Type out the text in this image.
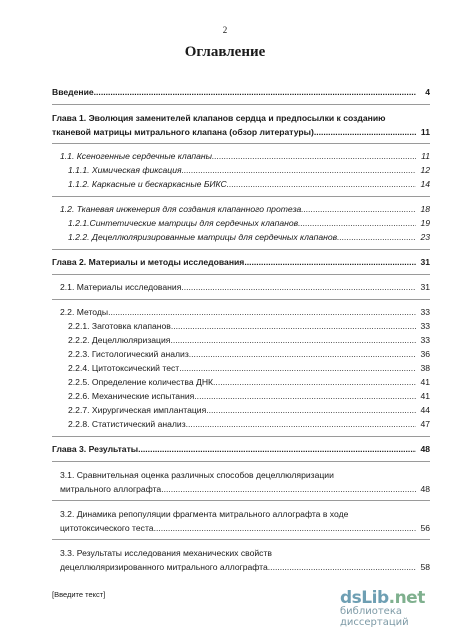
2
Оглавление
Введение .....	4
Глава 1. Эволюция заменителей клапанов сердца и предпосылки к созданию
тканевой матрицы митрального клапана (обзор литературы) .....	11
1.1. Ксеногенные сердечные клапаны .....	11
1.1.1. Химическая фиксация .....	12
1.1.2. Каркасные и бескаркасные БИКС .....	14
1.2. Тканевая инженерия для создания клапанного протеза .....	18
1.2.1.Синтетические матрицы для сердечных клапанов .....	19
1.2.2. Децеллюляризированные матрицы для сердечных клапанов .....	23
Глава 2. Материалы и методы исследования .....	31
2.1. Материалы исследования .....	31
2.2. Методы .....	33
2.2.1. Заготовка клапанов .....	33
2.2.2. Децеллюляризация .....	33
2.2.3. Гистологический анализ .....	36
2.2.4. Цитотоксический тест .....	38
2.2.5. Определение количества ДНК .....	41
2.2.6. Механические испытания .....	41
2.2.7. Хирургическая имплантация .....	44
2.2.8. Статистический анализ .....	47
Глава 3. Результаты .....	48
3.1. Сравнительная оценка различных способов децеллюляризации
митрального аллографта .....	48
3.2. Динамика репопуляции фрагмента митрального аллографта в ходе
цитотоксического теста .....	56
3.3. Результаты исследования механических свойств
децеллюляризированного митрального аллографта .....	58
[Введите текст]	dsLib.net
библиотека диссертаций
